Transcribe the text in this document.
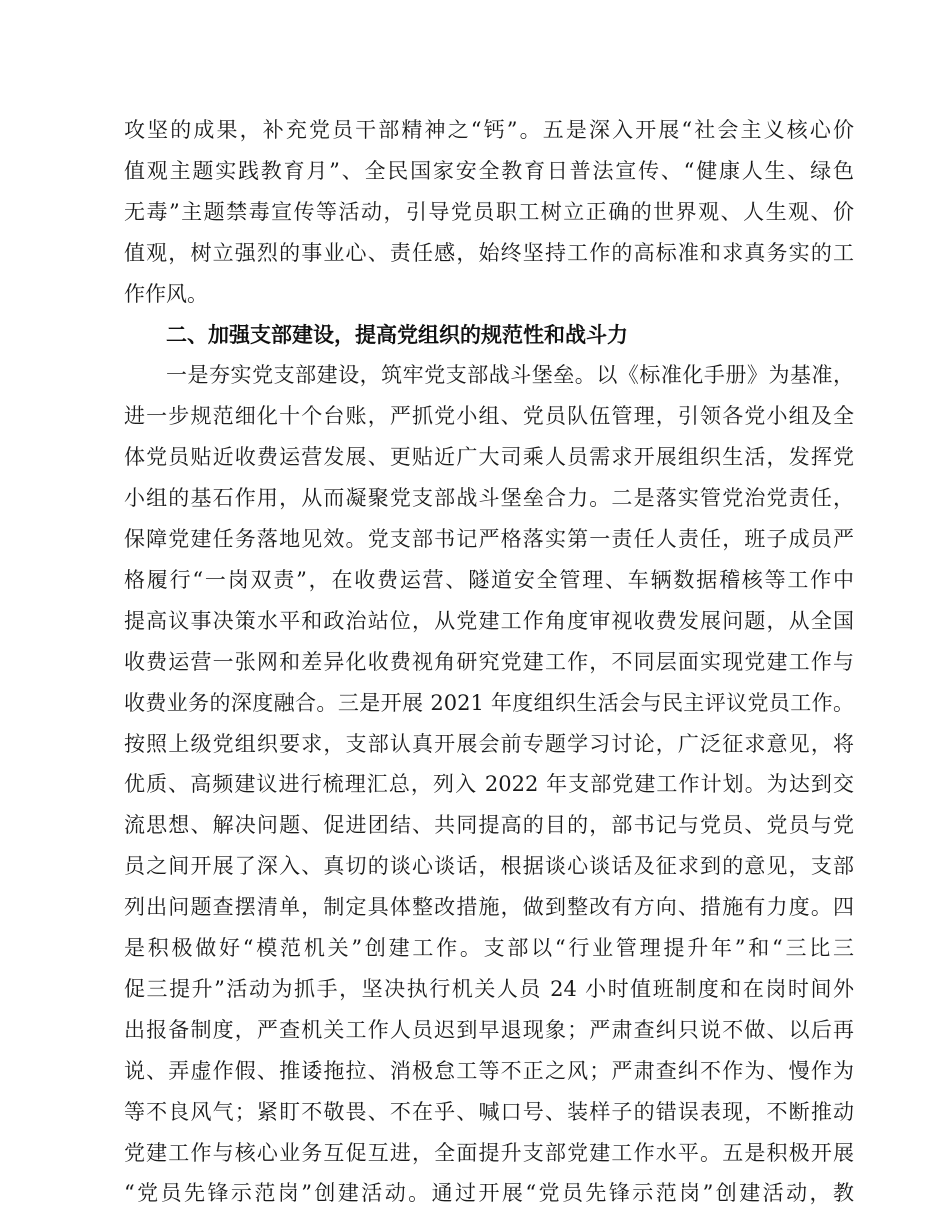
攻坚的成果，补充党员干部精神之“钙”。五是深入开展“社会主义核心价
值观主题实践教育月”、全民国家安全教育日普法宣传、“健康人生、绿色
无毒”主题禁毒宣传等活动，引导党员职工树立正确的世界观、人生观、价
值观，树立强烈的事业心、责任感，始终坚持工作的高标准和求真务实的工
作作风。
二、加强支部建设，提高党组织的规范性和战斗力
一是夯实党支部建设，筑牢党支部战斗堡垒。以《标准化手册》为基准，
进一步规范细化十个台账，严抓党小组、党员队伍管理，引领各党小组及全
体党员贴近收费运营发展、更贴近广大司乘人员需求开展组织生活，发挥党
小组的基石作用，从而凝聚党支部战斗堡垒合力。二是落实管党治党责任，
保障党建任务落地见效。党支部书记严格落实第一责任人责任，班子成员严
格履行“一岗双责”，在收费运营、隧道安全管理、车辆数据稽核等工作中
提高议事决策水平和政治站位，从党建工作角度审视收费发展问题，从全国
收费运营一张网和差异化收费视角研究党建工作，不同层面实现党建工作与
收费业务的深度融合。三是开展 2021 年度组织生活会与民主评议党员工作。
按照上级党组织要求，支部认真开展会前专题学习讨论，广泛征求意见，将
优质、高频建议进行梳理汇总，列入 2022 年支部党建工作计划。为达到交
流思想、解决问题、促进团结、共同提高的目的，部书记与党员、党员与党
员之间开展了深入、真切的谈心谈话，根据谈心谈话及征求到的意见，支部
列出问题查摆清单，制定具体整改措施，做到整改有方向、措施有力度。四
是积极做好“模范机关”创建工作。支部以“行业管理提升年”和“三比三
促三提升”活动为抓手，坚决执行机关人员 24 小时值班制度和在岗时间外
出报备制度，严查机关工作人员迟到早退现象；严肃查纠只说不做、以后再
说、弄虚作假、推诿拖拉、消极怠工等不正之风；严肃查纠不作为、慢作为
等不良风气；紧盯不敬畏、不在乎、喊口号、装样子的错误表现，不断推动
党建工作与核心业务互促互进，全面提升支部党建工作水平。五是积极开展
“党员先锋示范岗”创建活动。通过开展“党员先锋示范岗”创建活动，教
